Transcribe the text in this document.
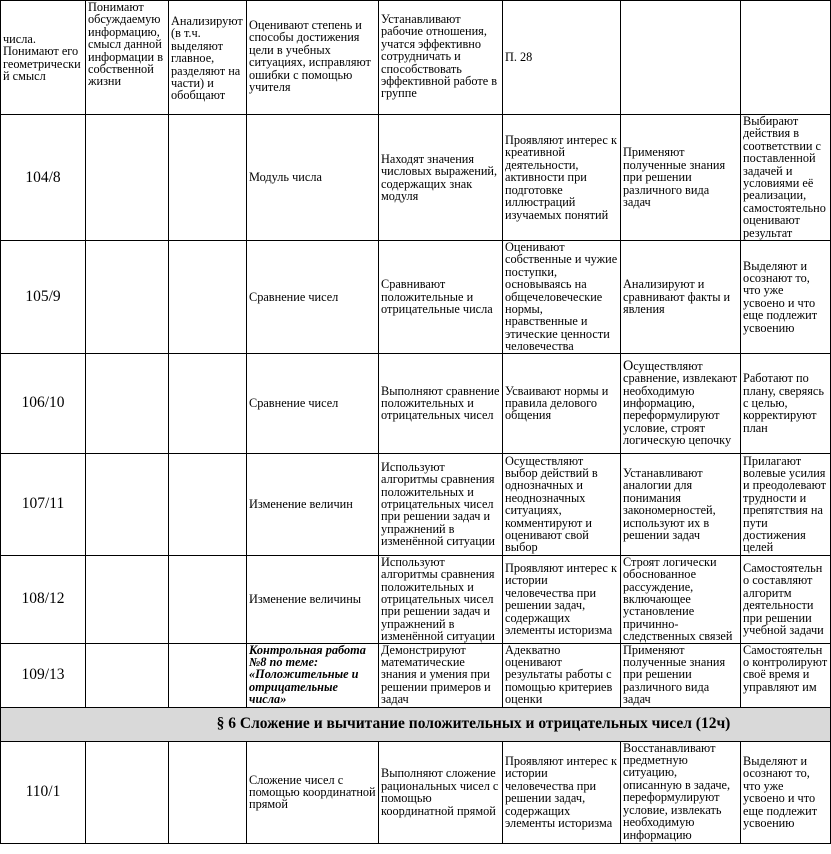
числа. Понимают его геометрический смысл	Понимают обсуждаемую информацию, смысл данной информации в собственной жизни	Анализируют (в т.ч. выделяют главное, разделяют на части) и обобщают	Оценивают степень и способы достижения цели в учебных ситуациях, исправляют ошибки с помощью учителя	Устанавливают рабочие отношения, учатся эффективно сотрудничать и способствовать эффективной работе в группе	П. 28		
104/8			Модуль числа	Находят значения числовых выражений, содержащих знак модуля	Проявляют интерес к креативной деятельности, активности при подготовке иллюстраций изучаемых понятий	Применяют полученные знания при решении различного вида задач	Выбирают действия в соответствии с поставленной задачей и условиями её реализации, самостоятельно оценивают результат
105/9			Сравнение чисел	Сравнивают положительные и отрицательные числа	Оценивают собственные и чужие поступки, основываясь на общечеловеческие нормы, нравственные и этические ценности человечества	Анализируют и сравнивают факты и явления	Выделяют и осознают то, что уже усвоено и что еще подлежит усвоению
106/10			Сравнение чисел	Выполняют сравнение положительных и отрицательных чисел	Усваивают нормы и правила делового общения	Осуществляют сравнение, извлекают необходимую информацию, переформулируют условие, строят логическую цепочку	Работают по плану, сверяясь с целью, корректируют план
107/11			Изменение величин	Используют алгоритмы сравнения положительных и отрицательных чисел при решении задач и упражнений в изменённой ситуации	Осуществляют выбор действий в однозначных и неоднозначных ситуациях, комментируют и оценивают свой выбор	Устанавливают аналогии для понимания закономерностей, используют их в решении задач	Прилагают волевые усилия и преодолевают трудности и препятствия на пути достижения целей
108/12			Изменение величины	Используют алгоритмы сравнения положительных и отрицательных чисел при решении задач и упражнений в изменённой ситуации	Проявляют интерес к истории человечества при решении задач, содержащих элементы историзма	Строят логически обоснованное рассуждение, включающее установление причинно-следственных связей	Самостоятельно составляют алгоритм деятельности при решении учебной задачи
109/13			Контрольная работа №8 по теме: «Положительные и отрицательные числа»	Демонстрируют математические знания и умения при решении примеров и задач	Адекватно оценивают результаты работы с помощью критериев оценки	Применяют полученные знания при решении различного вида задач	Самостоятельно контролируют своё время и управляют им
§ 6 Сложение и вычитание положительных и отрицательных чисел (12ч)							
110/1			Сложение чисел с помощью координатной прямой	Выполняют сложение рациональных чисел с помощью координатной прямой	Проявляют интерес к истории человечества при решении задач, содержащих элементы историзма	Восстанавливают предметную ситуацию, описанную в задаче, переформулируют условие, извлекать необходимую информацию	Выделяют и осознают то, что уже усвоено и что еще подлежит усвоению
